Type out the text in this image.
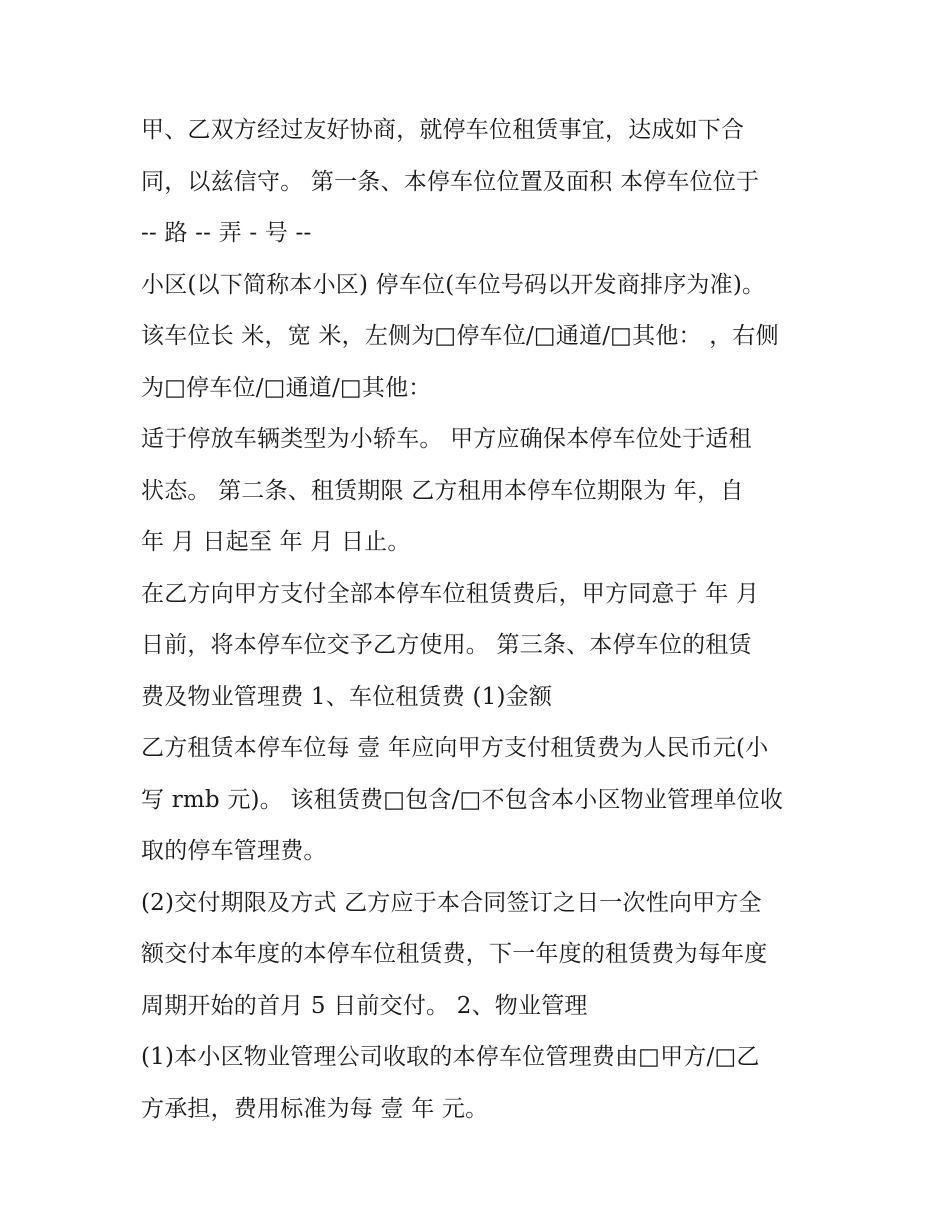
甲、乙双方经过友好协商，就停车位租赁事宜，达成如下合
同，以兹信守。 第一条、本停车位位置及面积 本停车位位于
-- 路 -- 弄 - 号 --
小区(以下简称本小区) 停车位(车位号码以开发商排序为准)。
该车位长 米，宽 米，左侧为□停车位/□通道/□其他： ，右侧
为□停车位/□通道/□其他：
适于停放车辆类型为小轿车。 甲方应确保本停车位处于适租
状态。 第二条、租赁期限 乙方租用本停车位期限为 年，自
年 月 日起至 年 月 日止。
在乙方向甲方支付全部本停车位租赁费后，甲方同意于 年 月
日前，将本停车位交予乙方使用。 第三条、本停车位的租赁
费及物业管理费 1、车位租赁费 (1)金额
乙方租赁本停车位每 壹 年应向甲方支付租赁费为人民币元(小
写 rmb 元)。 该租赁费□包含/□不包含本小区物业管理单位收
取的停车管理费。
(2)交付期限及方式 乙方应于本合同签订之日一次性向甲方全
额交付本年度的本停车位租赁费，下一年度的租赁费为每年度
周期开始的首月 5 日前交付。 2、物业管理
(1)本小区物业管理公司收取的本停车位管理费由□甲方/□乙
方承担，费用标准为每 壹 年 元。
